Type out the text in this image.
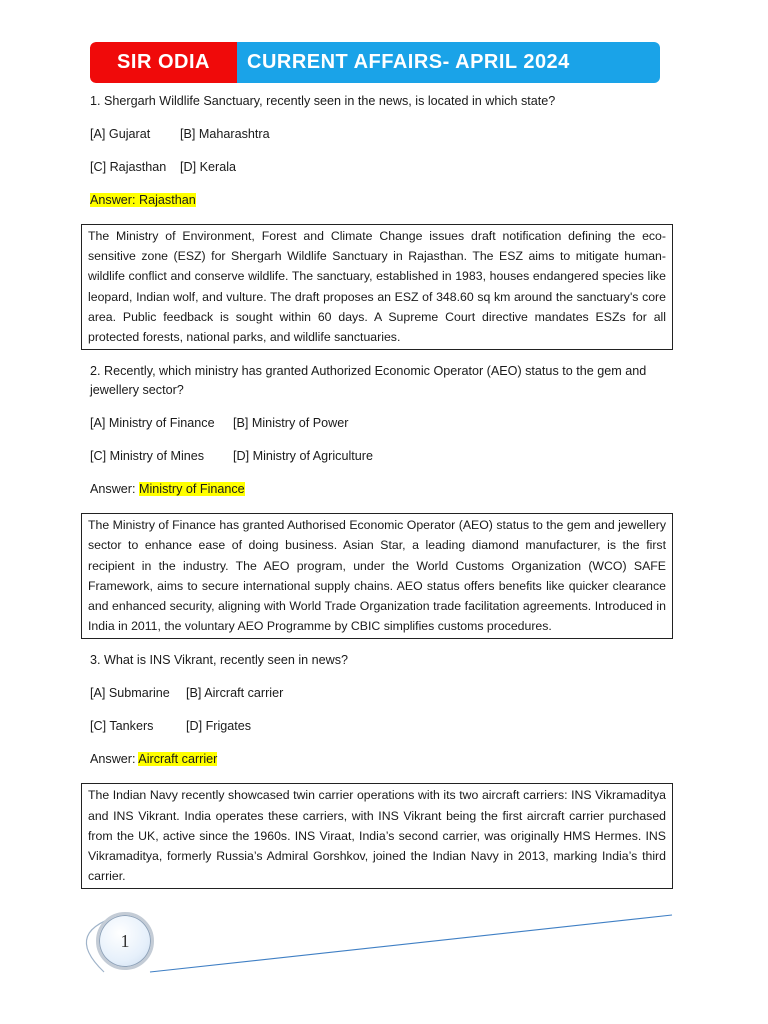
SIR ODIA	CURRENT AFFAIRS- APRIL 2024

1. Shergarh Wildlife Sanctuary, recently seen in the news, is located in which state?

[A] Gujarat	[B] Maharashtra
[C] Rajasthan	[D] Kerala

Answer: Rajasthan

The Ministry of Environment, Forest and Climate Change issues draft notification defining the eco-sensitive zone (ESZ) for Shergarh Wildlife Sanctuary in Rajasthan. The ESZ aims to mitigate human-wildlife conflict and conserve wildlife. The sanctuary, established in 1983, houses endangered species like leopard, Indian wolf, and vulture. The draft proposes an ESZ of 348.60 sq km around the sanctuary's core area. Public feedback is sought within 60 days. A Supreme Court directive mandates ESZs for all protected forests, national parks, and wildlife sanctuaries.

2. Recently, which ministry has granted Authorized Economic Operator (AEO) status to the gem and jewellery sector?

[A] Ministry of Finance	[B] Ministry of Power
[C] Ministry of Mines	[D] Ministry of Agriculture

Answer: Ministry of Finance

The Ministry of Finance has granted Authorised Economic Operator (AEO) status to the gem and jewellery sector to enhance ease of doing business. Asian Star, a leading diamond manufacturer, is the first recipient in the industry. The AEO program, under the World Customs Organization (WCO) SAFE Framework, aims to secure international supply chains. AEO status offers benefits like quicker clearance and enhanced security, aligning with World Trade Organization trade facilitation agreements. Introduced in India in 2011, the voluntary AEO Programme by CBIC simplifies customs procedures.

3. What is INS Vikrant, recently seen in news?

[A] Submarine	[B] Aircraft carrier
[C] Tankers	[D] Frigates

Answer: Aircraft carrier

The Indian Navy recently showcased twin carrier operations with its two aircraft carriers: INS Vikramaditya and INS Vikrant. India operates these carriers, with INS Vikrant being the first aircraft carrier purchased from the UK, active since the 1960s. INS Viraat, India’s second carrier, was originally HMS Hermes. INS Vikramaditya, formerly Russia’s Admiral Gorshkov, joined the Indian Navy in 2013, marking India’s third carrier.
1
